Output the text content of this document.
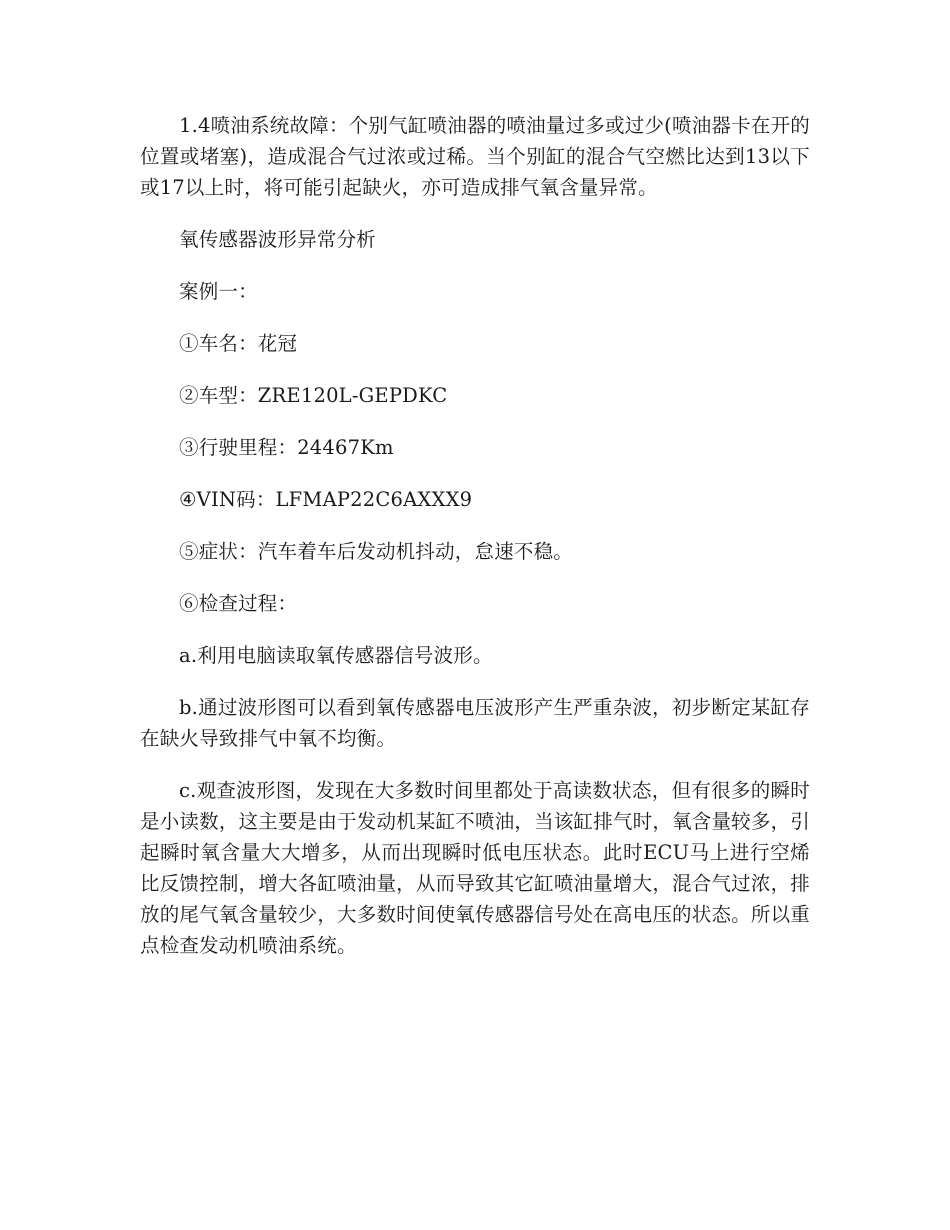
1.4喷油系统故障：个别气缸喷油器的喷油量过多或过少(喷油器卡在开的位置或堵塞)，造成混合气过浓或过稀。当个别缸的混合气空燃比达到13以下或17以上时，将可能引起缺火，亦可造成排气氧含量异常。

氧传感器波形异常分析

案例一：

①车名：花冠

②车型：ZRE120L-GEPDKC

③行驶里程：24467Km

④VIN码：LFMAP22C6AXXX9

⑤症状：汽车着车后发动机抖动，怠速不稳。

⑥检查过程：

a.利用电脑读取氧传感器信号波形。

b.通过波形图可以看到氧传感器电压波形产生严重杂波，初步断定某缸存在缺火导致排气中氧不均衡。

c.观查波形图，发现在大多数时间里都处于高读数状态，但有很多的瞬时是小读数，这主要是由于发动机某缸不喷油，当该缸排气时，氧含量较多，引起瞬时氧含量大大增多，从而出现瞬时低电压状态。此时ECU马上进行空烯比反馈控制，增大各缸喷油量，从而导致其它缸喷油量增大，混合气过浓，排放的尾气氧含量较少，大多数时间使氧传感器信号处在高电压的状态。所以重点检查发动机喷油系统。
